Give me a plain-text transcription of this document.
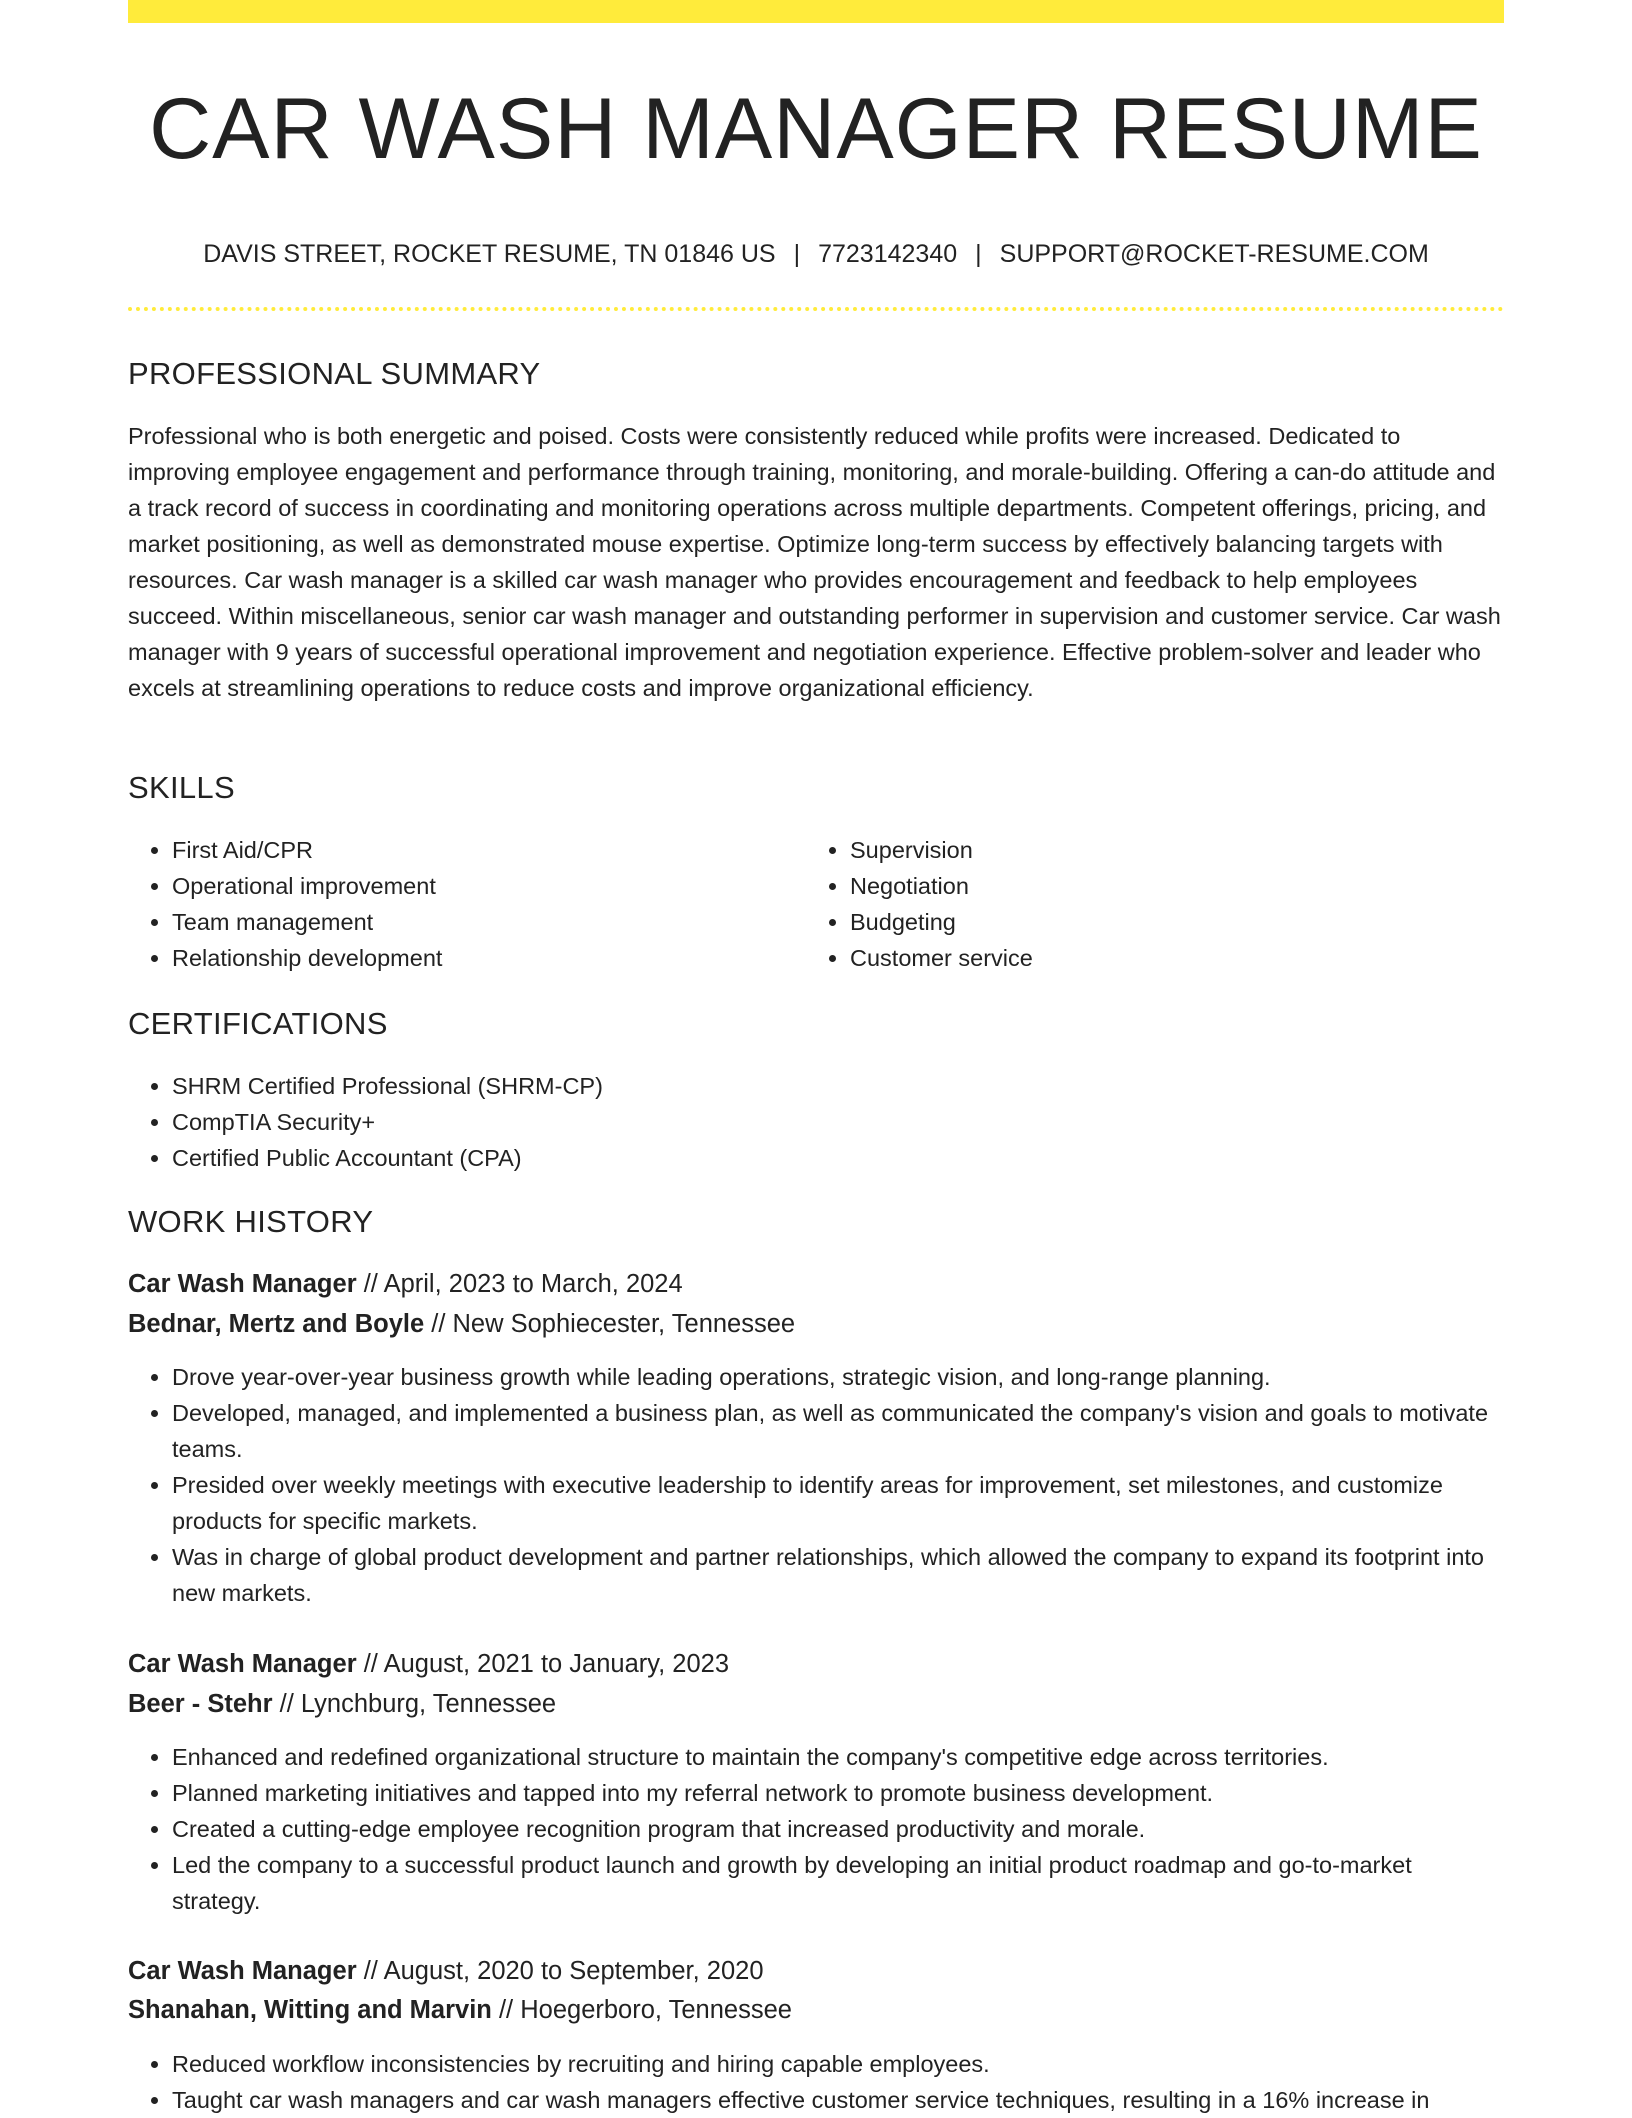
CAR WASH MANAGER RESUME
DAVIS STREET, ROCKET RESUME, TN 01846 US | 7723142340 | SUPPORT@ROCKET-RESUME.COM
PROFESSIONAL SUMMARY

Professional who is both energetic and poised. Costs were consistently reduced while profits were increased. Dedicated to improving employee engagement and performance through training, monitoring, and morale-building. Offering a can-do attitude and a track record of success in coordinating and monitoring operations across multiple departments. Competent offerings, pricing, and market positioning, as well as demonstrated mouse expertise. Optimize long-term success by effectively balancing targets with resources. Car wash manager is a skilled car wash manager who provides encouragement and feedback to help employees succeed. Within miscellaneous, senior car wash manager and outstanding performer in supervision and customer service. Car wash manager with 9 years of successful operational improvement and negotiation experience. Effective problem-solver and leader who excels at streamlining operations to reduce costs and improve organizational efficiency.

SKILLS
• First Aid/CPR
• Operational improvement
• Team management
• Relationship development
• Supervision
• Negotiation
• Budgeting
• Customer service
CERTIFICATIONS
• SHRM Certified Professional (SHRM-CP)
• CompTIA Security+
• Certified Public Accountant (CPA)
WORK HISTORY
Car Wash Manager // April, 2023 to March, 2024
Bednar, Mertz and Boyle // New Sophiecester, Tennessee
• Drove year-over-year business growth while leading operations, strategic vision, and long-range planning.
• Developed, managed, and implemented a business plan, as well as communicated the company's vision and goals to motivate teams.
• Presided over weekly meetings with executive leadership to identify areas for improvement, set milestones, and customize products for specific markets.
• Was in charge of global product development and partner relationships, which allowed the company to expand its footprint into new markets.
Car Wash Manager // August, 2021 to January, 2023
Beer - Stehr // Lynchburg, Tennessee
• Enhanced and redefined organizational structure to maintain the company's competitive edge across territories.
• Planned marketing initiatives and tapped into my referral network to promote business development.
• Created a cutting-edge employee recognition program that increased productivity and morale.
• Led the company to a successful product launch and growth by developing an initial product roadmap and go-to-market strategy.
Car Wash Manager // August, 2020 to September, 2020
Shanahan, Witting and Marvin // Hoegerboro, Tennessee
• Reduced workflow inconsistencies by recruiting and hiring capable employees.
• Taught car wash managers and car wash managers effective customer service techniques, resulting in a 16% increase in
